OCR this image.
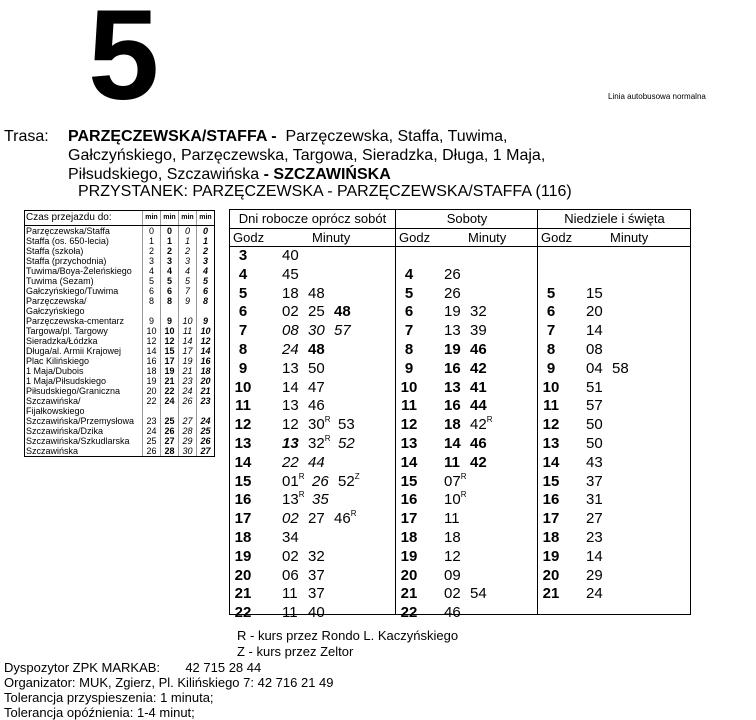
5	Linia autobusowa normalna
Trasa: PARZĘCZEWSKA/STAFFA - Parzęczewska, Staffa, Tuwima,
Gałczyńskiego, Parzęczewska, Targowa, Sieradzka, Długa, 1 Maja,
Piłsudskiego, Szczawińska - SZCZAWIŃSKA
PRZYSTANEK: PARZĘCZEWSKA - PARZĘCZEWSKA/STAFFA (116)
Czas przejazdu do:	min	min	min	min
Parzęczewska/Staffa	0	0	0	0
Staffa (os. 650-lecia)	1	1	1	1
Staffa (szkoła)	2	2	2	2
Staffa (przychodnia)	3	3	3	3
Tuwima/Boya-Żeleńskiego	4	4	4	4
Tuwima (Sezam)	5	5	5	5
Gałczyńskiego/Tuwima	6	6	7	6
Parzęczewska/ Gałczyńskiego	8	8	9	8
Parzęczewska-cmentarz	9	9	10	9
Targowa/pl. Targowy	10	10	11	10
Sieradzka/Łódzka	12	12	14	12
Długa/al. Armii Krajowej	14	15	17	14
Plac Kilińskiego	16	17	19	16
1 Maja/Dubois	18	19	21	18
1 Maja/Piłsudskiego	19	21	23	20
Piłsudskiego/Graniczna	20	22	24	21
Szczawińska/ Fijałkowskiego	22	24	26	23
Szczawińska/Przemysłowa	23	25	27	24
Szczawińska/Dzika	24	26	28	25
Szczawińska/Szkudlarska	25	27	29	26
Szczawińska	26	28	30	27
Dni robocze oprócz sobót
Godz	Minuty
3	40
4	45
5	18 48
6	02 25 48
7	08 30 57
8	24 48
9	13 50
10	14 47
11	13 46
12	12 $30^R$ 53
13	13 $32^R$ 52
14	22 44
15	$01^R$ 26 $52^Z$
16	$13^R$ 35
17	02 27 $46^R$
18	34
19	02 32
20	06 37
21	11 37
22	11 40
Soboty
Godz	Minuty
4	26
5	26
6	19 32
7	13 39
8	19 46
9	16 42
10	13 41
11	16 44
12	18 $42^R$
13	14 46
14	11 42
15	$07^R$
16	$10^R$
17	11
18	18
19	12
20	09
21	02 54
22	46
Niedziele i święta
Godz	Minuty
5	15
6	20
7	14
8	08
9	04 58
10	51
11	57
12	50
13	50
14	43
15	37
16	31
17	27
18	23
19	14
20	29
21	24
R - kurs przez Rondo L. Kaczyńskiego
Z - kurs przez Zeltor
Dyspozytor ZPK MARKAB:       42 715 28 44
Organizator: MUK, Zgierz, Pl. Kilińskiego 7: 42 716 21 49
Tolerancja przyspieszenia: 1 minuta;
Tolerancja opóźnienia: 1-4 minut;
